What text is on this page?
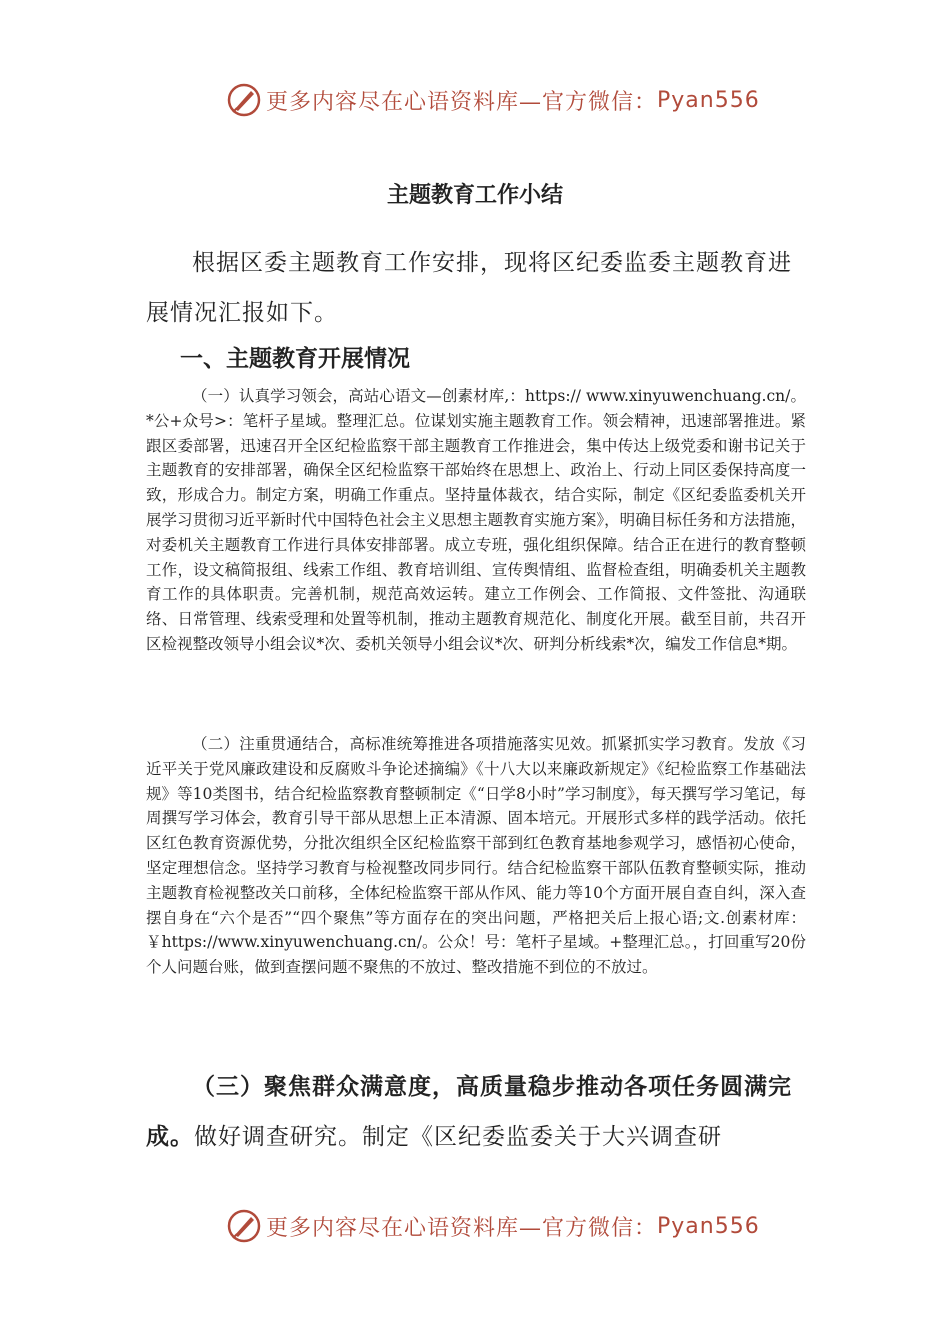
更多内容尽在心语资料库—官方微信： Pyan556
主题教育工作小结
根据区委主题教育工作安排，现将区纪委监委主题教育进展情况汇报如下。
一、主题教育开展情况
（一）认真学习领会，高站心语文—创素材库,：https:// www.xinyuwenchuang.cn/。*公+众号>：笔杆子星域。整理汇总。位谋划实施主题教育工作。领会精神，迅速部署推进。紧跟区委部署，迅速召开全区纪检监察干部主题教育工作推进会，集中传达上级党委和谢书记关于主题教育的安排部署，确保全区纪检监察干部始终在思想上、政治上、行动上同区委保持高度一致，形成合力。制定方案，明确工作重点。坚持量体裁衣，结合实际，制定《区纪委监委机关开展学习贯彻习近平新时代中国特色社会主义思想主题教育实施方案》，明确目标任务和方法措施，对委机关主题教育工作进行具体安排部署。成立专班，强化组织保障。结合正在进行的教育整顿工作，设文稿简报组、线索工作组、教育培训组、宣传舆情组、监督检查组，明确委机关主题教育工作的具体职责。完善机制，规范高效运转。建立工作例会、工作简报、文件签批、沟通联络、日常管理、线索受理和处置等机制，推动主题教育规范化、制度化开展。截至目前，共召开区检视整改领导小组会议*次、委机关领导小组会议*次、研判分析线索*次，编发工作信息*期。
（二）注重贯通结合，高标准统筹推进各项措施落实见效。抓紧抓实学习教育。发放《习近平关于党风廉政建设和反腐败斗争论述摘编》《十八大以来廉政新规定》《纪检监察工作基础法规》等10类图书，结合纪检监察教育整顿制定《“日学8小时”学习制度》，每天撰写学习笔记，每周撰写学习体会，教育引导干部从思想上正本清源、固本培元。开展形式多样的践学活动。依托区红色教育资源优势，分批次组织全区纪检监察干部到红色教育基地参观学习，感悟初心使命，坚定理想信念。坚持学习教育与检视整改同步同行。结合纪检监察干部队伍教育整顿实际，推动主题教育检视整改关口前移，全体纪检监察干部从作风、能力等10个方面开展自查自纠，深入查摆自身在“六个是否”“四个聚焦”等方面存在的突出问题，严格把关后上报心语;文.创素材库：￥https://www.xinyuwenchuang.cn/。公众！号：笔杆子星域。+整理汇总。，打回重写20份个人问题台账，做到查摆问题不聚焦的不放过、整改措施不到位的不放过。
（三）聚焦群众满意度，高质量稳步推动各项任务圆满完成。做好调查研究。制定《区纪委监委关于大兴调查研
更多内容尽在心语资料库—官方微信： Pyan556
